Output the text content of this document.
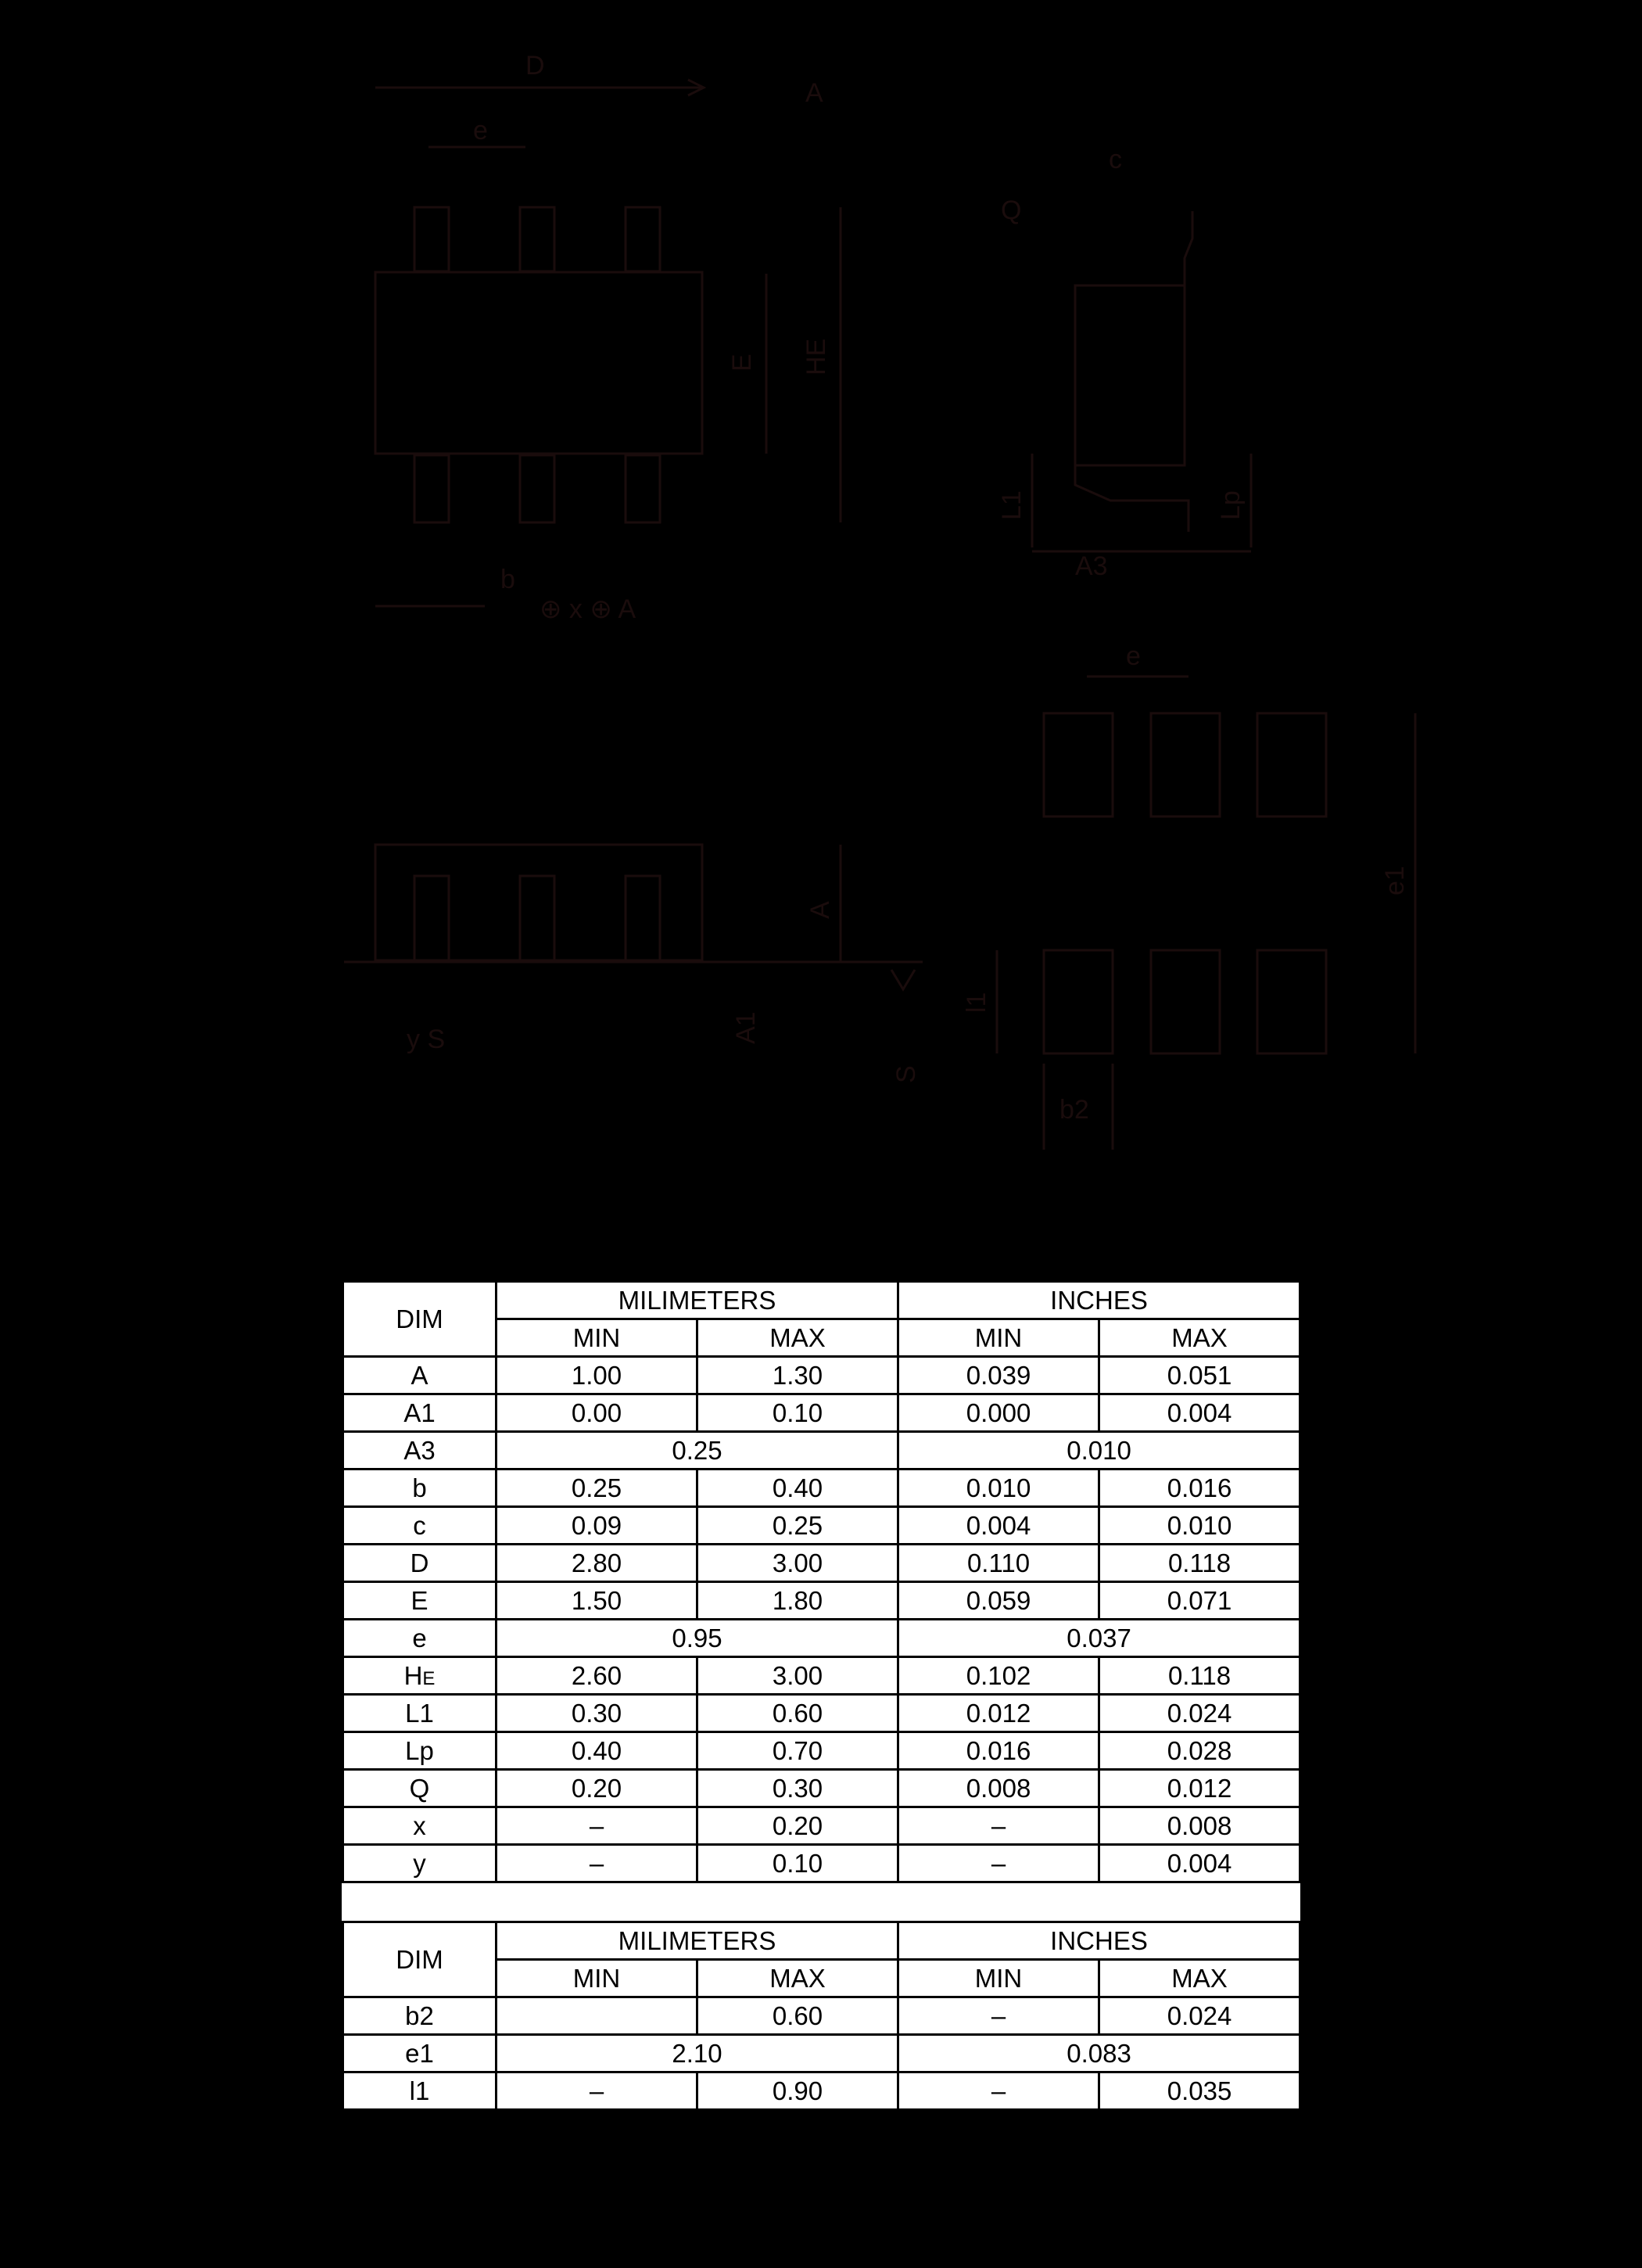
D
A
e
E HE
b
⊕ x ⊕ A
Q
c
L1	Lp
A3
A
A1
y S
S
e
e1
l1
b2
DIM	MILIMETERS		INCHES	
	MIN	MAX	MIN	MAX
A	1.00	1.30	0.039	0.051
A1	0.00	0.10	0.000	0.004
A3	0.25		0.010	
b	0.25	0.40	0.010	0.016
c	0.09	0.25	0.004	0.010
D	2.80	3.00	0.110	0.118
E	1.50	1.80	0.059	0.071
e	0.95		0.037	
HE	2.60	3.00	0.102	0.118
L1	0.30	0.60	0.012	0.024
Lp	0.40	0.70	0.016	0.028
Q	0.20	0.30	0.008	0.012
x	–	0.20	–	0.008
y	–	0.10	–	0.004
DIM	MILIMETERS		INCHES	
	MIN	MAX	MIN	MAX
b2		0.60	–	0.024
e1	2.10		0.083	
l1	–	0.90	–	0.035
